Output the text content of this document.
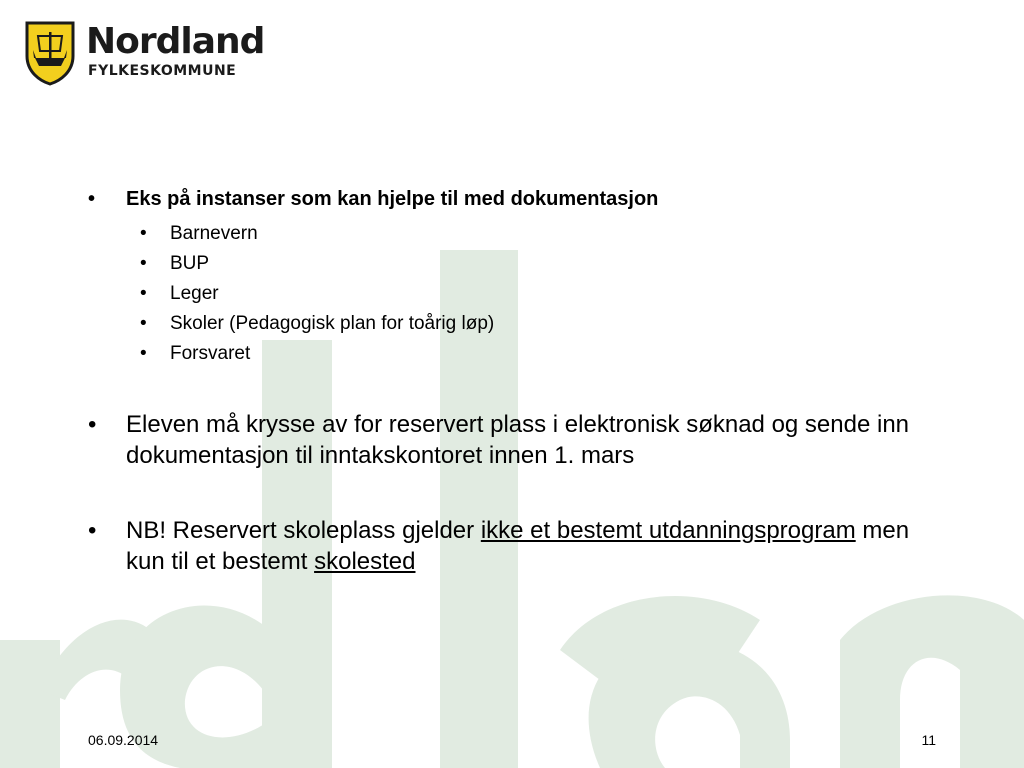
Nordland
FYLKESKOMMUNE
•	Eks på instanser som kan hjelpe til med dokumentasjon
•	Barnevern
•	BUP
•	Leger
•	Skoler (Pedagogisk plan for toårig løp)
•	Forsvaret
•	Eleven må krysse av for reservert plass i elektronisk søknad og sende inn dokumentasjon til inntakskontoret innen 1. mars
•	NB! Reservert skoleplass gjelder ikke et bestemt utdanningsprogram men kun til et bestemt skolested
06.09.2014	11
